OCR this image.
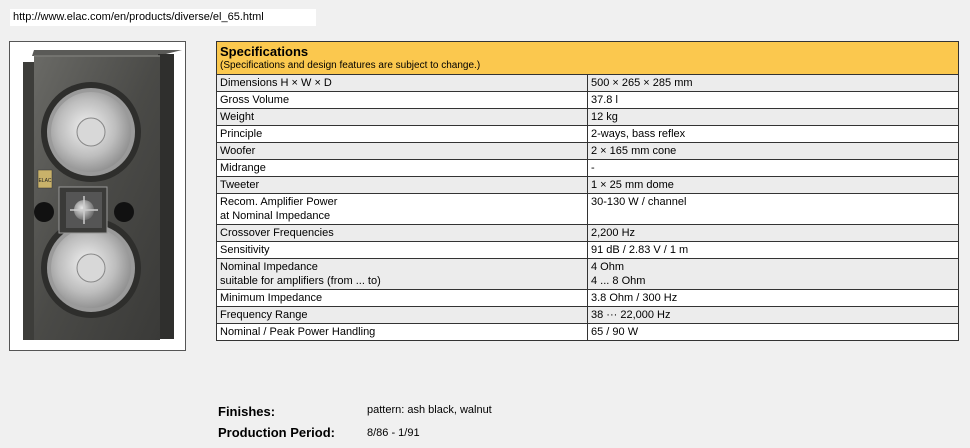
http://www.elac.com/en/products/diverse/el_65.html
ELAC
Specifications
(Specifications and design features are subject to change.)	

Dimensions H × W × D	500 × 265 × 285 mm
Gross Volume	37.8 l
Weight	12 kg
Principle	2-ways, bass reflex
Woofer	2 × 165 mm cone
Midrange	-
Tweeter	1 × 25 mm dome
Recom. Amplifier Power
at Nominal Impedance	30-130 W / channel
Crossover Frequencies	2,200 Hz
Sensitivity	91 dB / 2.83 V / 1 m
Nominal Impedance
suitable for amplifiers (from ... to)	4 Ohm
4 ... 8 Ohm
Minimum Impedance	3.8 Ohm / 300 Hz
Frequency Range	38 ··· 22,000 Hz
Nominal / Peak Power Handling	65 / 90 W
Finishes:	pattern: ash black, walnut
Production Period:	8/86 - 1/91
